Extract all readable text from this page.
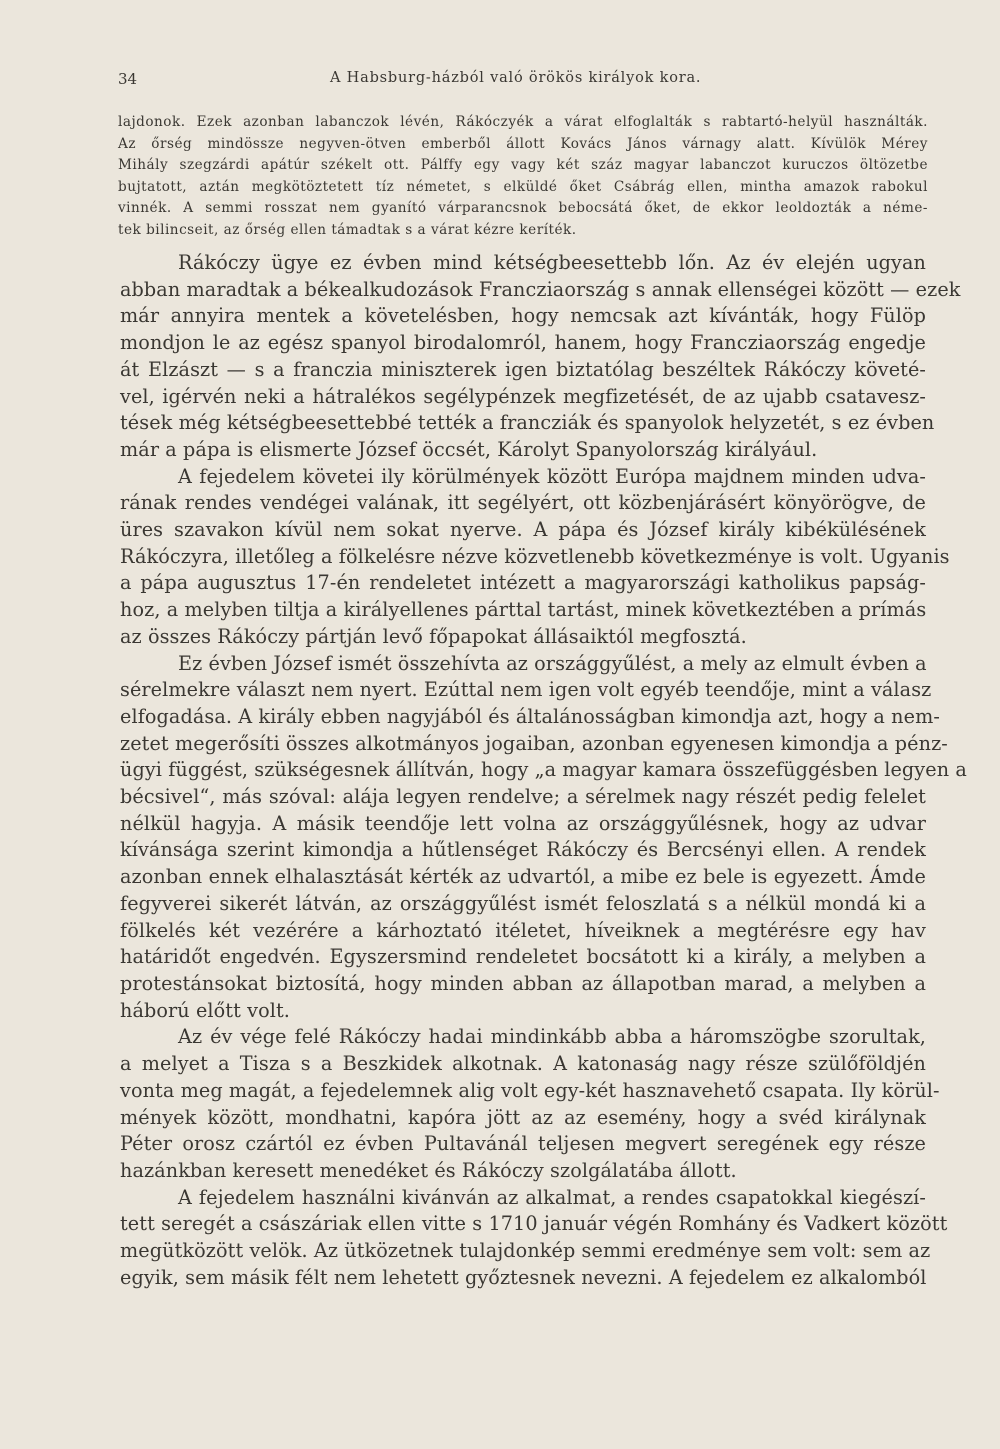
34	A Habsburg-házból való örökös királyok kora.
lajdonok. Ezek azonban labanczok lévén, Rákóczyék a várat elfoglalták s rabtartó-helyül használták.
Az őrség mindössze negyven-ötven emberből állott Kovács János várnagy alatt. Kívülök Mérey
Mihály szegzárdi apátúr székelt ott. Pálffy egy vagy két száz magyar labanczot kuruczos öltözetbe
bujtatott, aztán megkötöztetett tíz németet, s elküldé őket Csábrág ellen, mintha amazok rabokul
vinnék. A semmi rosszat nem gyanító várparancsnok bebocsátá őket, de ekkor leoldozták a néme-
tek bilincseit, az őrség ellen támadtak s a várat kézre keríték.
Rákóczy ügye ez évben mind kétségbeesettebb lőn. Az év elején ugyan
abban maradtak a békealkudozások Francziaország s annak ellenségei között — ezek
már annyira mentek a követelésben, hogy nemcsak azt kívánták, hogy Fülöp
mondjon le az egész spanyol birodalomról, hanem, hogy Francziaország engedje
át Elzászt — s a franczia miniszterek igen biztatólag beszéltek Rákóczy követé-
vel, igérvén neki a hátralékos segélypénzek megfizetését, de az ujabb csatavesz-
tések még kétségbeesettebbé tették a francziák és spanyolok helyzetét, s ez évben
már a pápa is elismerte József öccsét, Károlyt Spanyolország királyául.
A fejedelem követei ily körülmények között Európa majdnem minden udva-
rának rendes vendégei valának, itt segélyért, ott közbenjárásért könyörögve, de
üres szavakon kívül nem sokat nyerve. A pápa és József király kibékülésének
Rákóczyra, illetőleg a fölkelésre nézve közvetlenebb következménye is volt. Ugyanis
a pápa augusztus 17-én rendeletet intézett a magyarországi katholikus papság-
hoz, a melyben tiltja a királyellenes párttal tartást, minek következtében a prímás
az összes Rákóczy pártján levő főpapokat állásaiktól megfosztá.
Ez évben József ismét összehívta az országgyűlést, a mely az elmult évben a
sérelmekre választ nem nyert. Ezúttal nem igen volt egyéb teendője, mint a válasz
elfogadása. A király ebben nagyjából és általánosságban kimondja azt, hogy a nem-
zetet megerősíti összes alkotmányos jogaiban, azonban egyenesen kimondja a pénz-
ügyi függést, szükségesnek állítván, hogy „a magyar kamara összefüggésben legyen a
bécsivel“, más szóval: alája legyen rendelve; a sérelmek nagy részét pedig felelet
nélkül hagyja. A másik teendője lett volna az országgyűlésnek, hogy az udvar
kívánsága szerint kimondja a hűtlenséget Rákóczy és Bercsényi ellen. A rendek
azonban ennek elhalasztását kérték az udvartól, a mibe ez bele is egyezett. Ámde
fegyverei sikerét látván, az országgyűlést ismét feloszlatá s a nélkül mondá ki a
fölkelés két vezérére a kárhoztató itéletet, híveiknek a megtérésre egy hav
határidőt engedvén. Egyszersmind rendeletet bocsátott ki a király, a melyben a
protestánsokat biztosítá, hogy minden abban az állapotban marad, a melyben a
háború előtt volt.
Az év vége felé Rákóczy hadai mindinkább abba a háromszögbe szorultak,
a melyet a Tisza s a Beszkidek alkotnak. A katonaság nagy része szülőföldjén
vonta meg magát, a fejedelemnek alig volt egy-két hasznavehető csapata. Ily körül-
mények között, mondhatni, kapóra jött az az esemény, hogy a svéd királynak
Péter orosz czártól ez évben Pultavánál teljesen megvert seregének egy része
hazánkban keresett menedéket és Rákóczy szolgálatába állott.
A fejedelem használni kivánván az alkalmat, a rendes csapatokkal kiegészí-
tett seregét a császáriak ellen vitte s 1710 január végén Romhány és Vadkert között
megütközött velök. Az ütközetnek tulajdonkép semmi eredménye sem volt: sem az
egyik, sem másik félt nem lehetett győztesnek nevezni. A fejedelem ez alkalomból
